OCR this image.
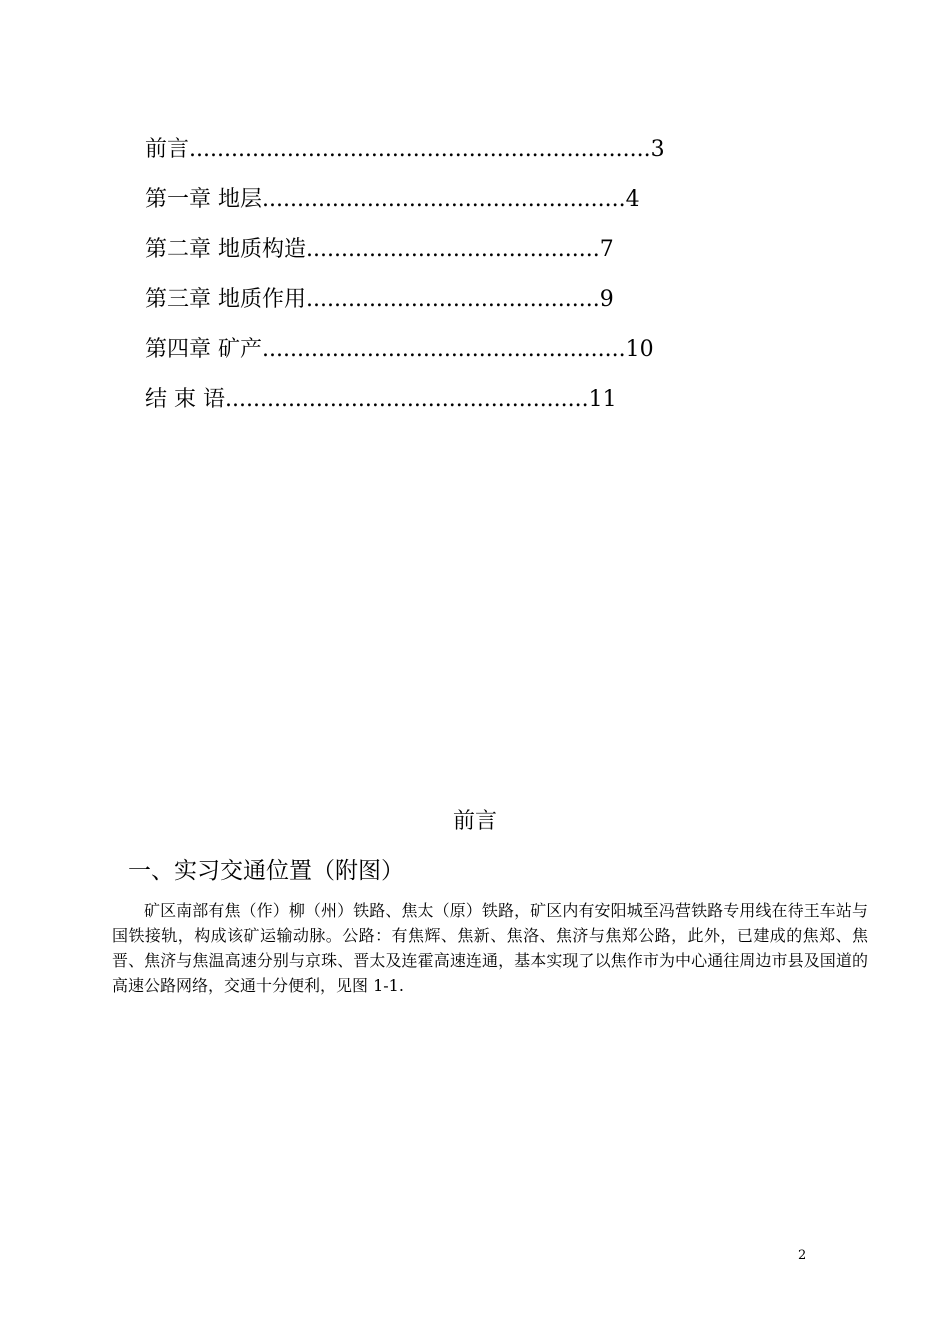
前言..................................................................3
第一章 地层....................................................4
第二章 地质构造..........................................7
第三章 地质作用..........................................9
第四章 矿产....................................................10
结 束 语....................................................11
前言
一、实习交通位置（附图）

矿区南部有焦（作）柳（州）铁路、焦太（原）铁路，矿区内有安阳城至冯营铁路专用线在待王车站与国铁接轨，构成该矿运输动脉。公路：有焦辉、焦新、焦洛、焦济与焦郑公路，此外，已建成的焦郑、焦晋、焦济与焦温高速分别与京珠、晋太及连霍高速连通，基本实现了以焦作市为中心通往周边市县及国道的高速公路网络，交通十分便利，见图 1-1.

2
